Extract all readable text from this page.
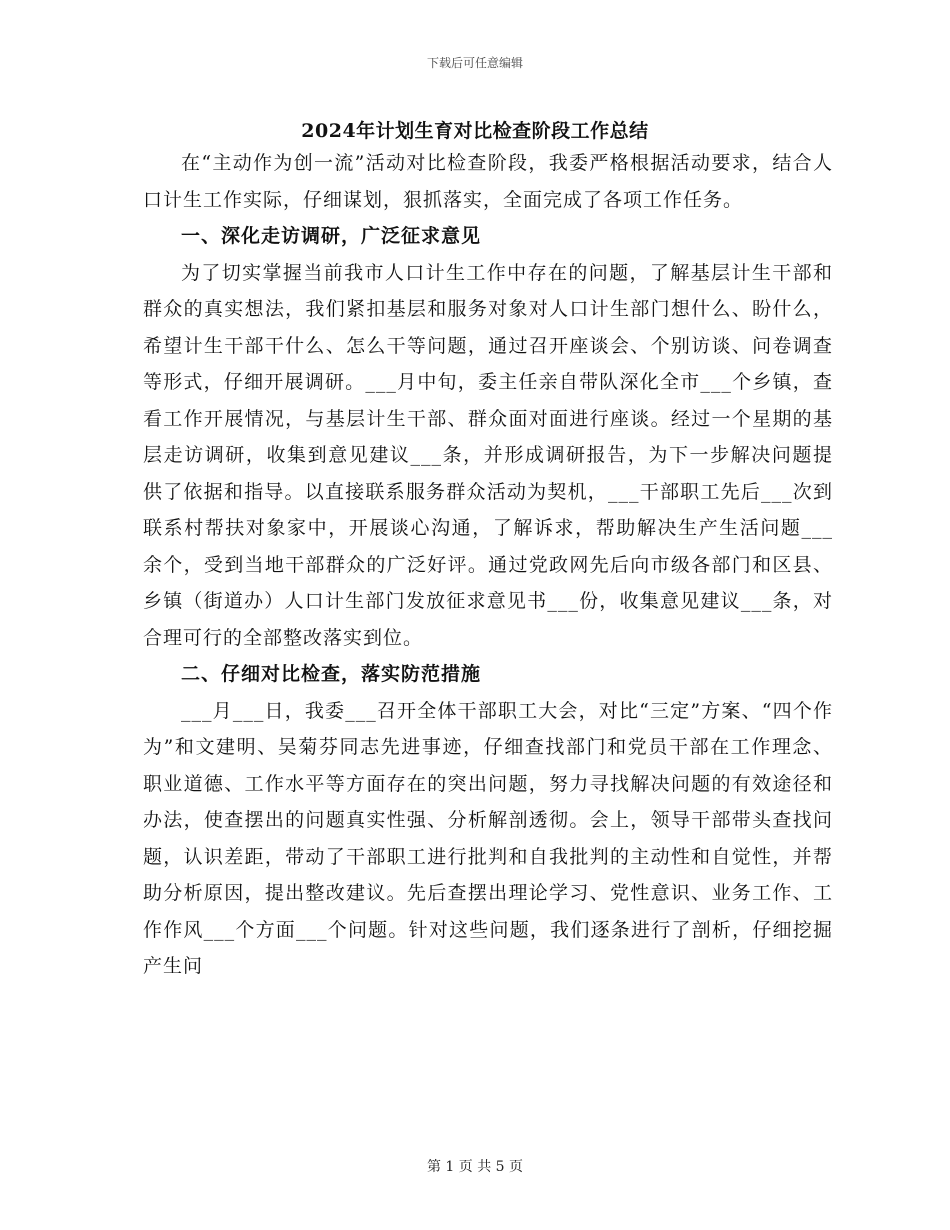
下载后可任意编辑
2024年计划生育对比检查阶段工作总结

在“主动作为创一流”活动对比检查阶段，我委严格根据活动要求，结合人口计生工作实际，仔细谋划，狠抓落实，全面完成了各项工作任务。

一、深化走访调研，广泛征求意见

为了切实掌握当前我市人口计生工作中存在的问题，了解基层计生干部和群众的真实想法，我们紧扣基层和服务对象对人口计生部门想什么、盼什么，希望计生干部干什么、怎么干等问题，通过召开座谈会、个别访谈、问卷调查等形式，仔细开展调研。___月中旬，委主任亲自带队深化全市___个乡镇，查看工作开展情况，与基层计生干部、群众面对面进行座谈。经过一个星期的基层走访调研，收集到意见建议___条，并形成调研报告，为下一步解决问题提供了依据和指导。以直接联系服务群众活动为契机，___干部职工先后___次到联系村帮扶对象家中，开展谈心沟通，了解诉求，帮助解决生产生活问题___余个，受到当地干部群众的广泛好评。通过党政网先后向市级各部门和区县、乡镇（街道办）人口计生部门发放征求意见书___份，收集意见建议___条，对合理可行的全部整改落实到位。

二、仔细对比检查，落实防范措施

___月___日，我委___召开全体干部职工大会，对比“三定”方案、“四个作为”和文建明、吴菊芬同志先进事迹，仔细查找部门和党员干部在工作理念、职业道德、工作水平等方面存在的突出问题，努力寻找解决问题的有效途径和办法，使查摆出的问题真实性强、分析解剖透彻。会上，领导干部带头查找问题，认识差距，带动了干部职工进行批判和自我批判的主动性和自觉性，并帮助分析原因，提出整改建议。先后查摆出理论学习、党性意识、业务工作、工作作风___个方面___个问题。针对这些问题，我们逐条进行了剖析，仔细挖掘产生问

第 1 页 共 5 页
